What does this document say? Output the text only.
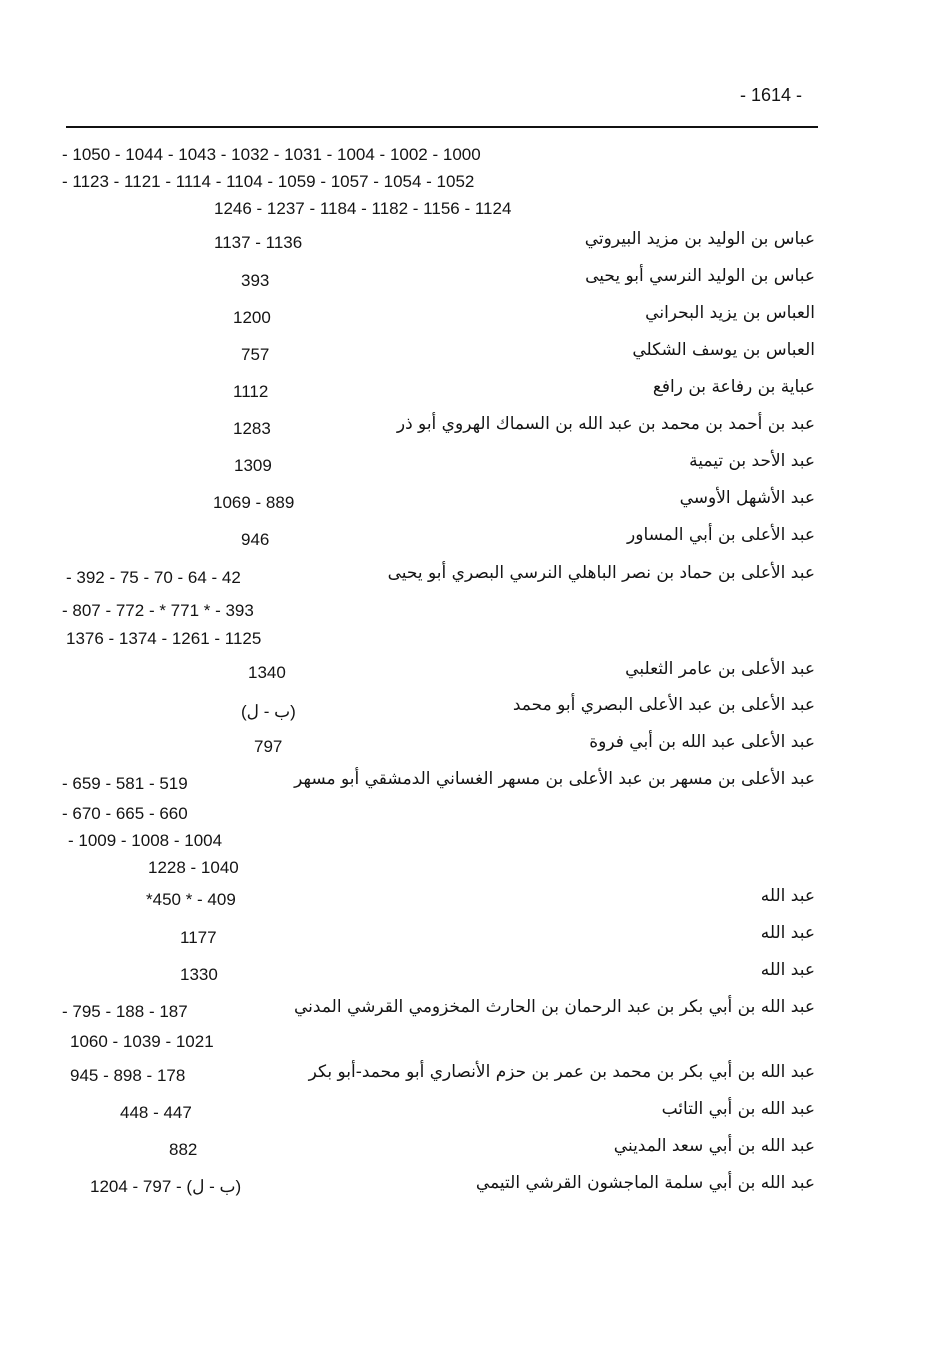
- 1614 -
- 1050 - 1044 - 1043 - 1032 - 1031 - 1004 - 1002 - 1000
- 1123 - 1121 - 1114 - 1104 - 1059 - 1057 - 1054 - 1052
1246 - 1237 - 1184 - 1182 - 1156 - 1124
عباس بن الوليد بن مزيد البيروتي
1137 - 1136
عباس بن الوليد النرسي أبو يحيى
393
العباس بن يزيد البحراني
1200
العباس بن يوسف الشكلي
757
عباية بن رفاعة بن رافع
1112
عبد بن أحمد بن محمد بن عبد الله بن السماك الهروي أبو ذر
1283
عبد الأحد بن تيمية
1309
عبد الأشهل الأوسي
1069 - 889
عبد الأعلى بن أبي المساور
946
عبد الأعلى بن حماد بن نصر الباهلي النرسي البصري أبو يحيى
- 392 - 75 - 70 - 64 - 42
- 807 - 772 - * 771 * - 393
1376 - 1374 - 1261 - 1125
عبد الأعلى بن عامر الثعلبي
1340
عبد الأعلى بن عبد الأعلى البصري أبو محمد
(ب - ل)
عبد الأعلى عبد الله بن أبي فروة
797
عبد الأعلى بن مسهر بن عبد الأعلى بن مسهر الغساني الدمشقي أبو مسهر
- 659 - 581 - 519
- 670 - 665 - 660
- 1009 - 1008 - 1004
1228 - 1040
عبد الله
*450 * - 409
عبد الله
1177
عبد الله
1330
عبد الله بن أبي بكر بن عبد الرحمان بن الحارث المخزومي القرشي المدني
- 795 - 188 - 187
1060 - 1039 - 1021
عبد الله بن أبي بكر بن محمد بن عمر بن حزم الأنصاري أبو محمد-أبو بكر
945 - 898 - 178
عبد الله بن أبي التائب
448 - 447
عبد الله بن أبي سعد المديني
882
عبد الله بن أبي سلمة الماجشون القرشي التيمي
1204 - 797 - (ب - ل)
